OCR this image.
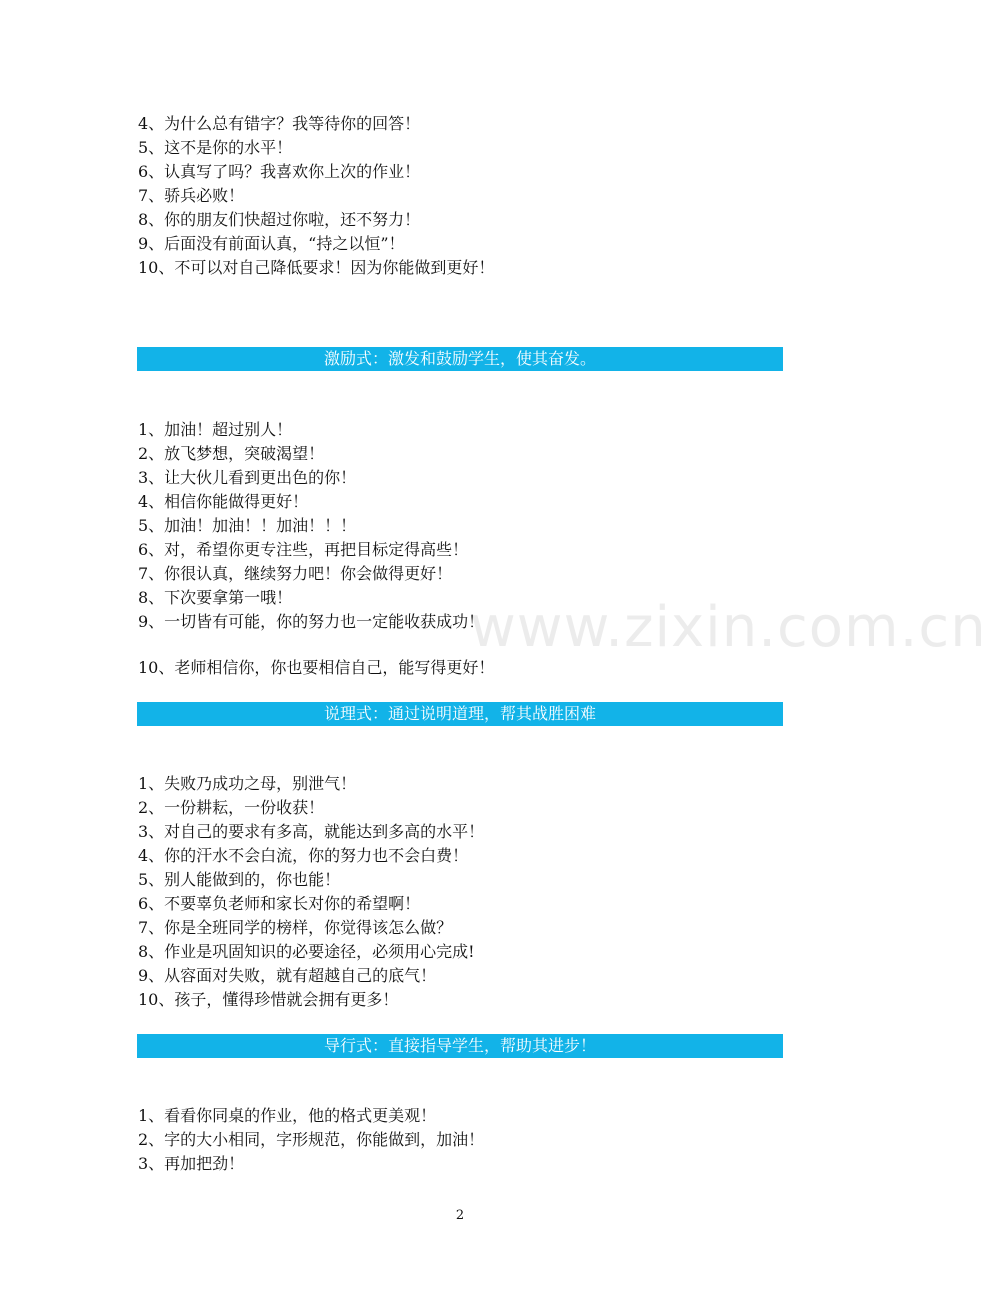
4、为什么总有错字？我等待你的回答！
5、这不是你的水平！
6、认真写了吗？我喜欢你上次的作业！
7、骄兵必败！
8、你的朋友们快超过你啦，还不努力！
9、后面没有前面认真，“持之以恒”！
10、不可以对自己降低要求！因为你能做到更好！
激励式：激发和鼓励学生，使其奋发。
1、加油！超过别人！
2、放飞梦想，突破渴望！
3、让大伙儿看到更出色的你！
4、相信你能做得更好！
5、加油！加油！！加油！！！
6、对，希望你更专注些，再把目标定得高些！
7、你很认真，继续努力吧！你会做得更好！
8、下次要拿第一哦！
9、一切皆有可能，你的努力也一定能收获成功！
10、老师相信你，你也要相信自己，能写得更好！
说理式：通过说明道理，帮其战胜困难
1、失败乃成功之母，别泄气！
2、一份耕耘，一份收获！
3、对自己的要求有多高，就能达到多高的水平！
4、你的汗水不会白流，你的努力也不会白费！
5、别人能做到的，你也能！
6、不要辜负老师和家长对你的希望啊！
7、你是全班同学的榜样，你觉得该怎么做？
8、作业是巩固知识的必要途径，必须用心完成!
9、从容面对失败，就有超越自己的底气！
10、孩子，懂得珍惜就会拥有更多！
导行式：直接指导学生，帮助其进步！
1、看看你同桌的作业，他的格式更美观！
2、字的大小相同，字形规范，你能做到，加油！
3、再加把劲！
www.zixin.com.cn
2
